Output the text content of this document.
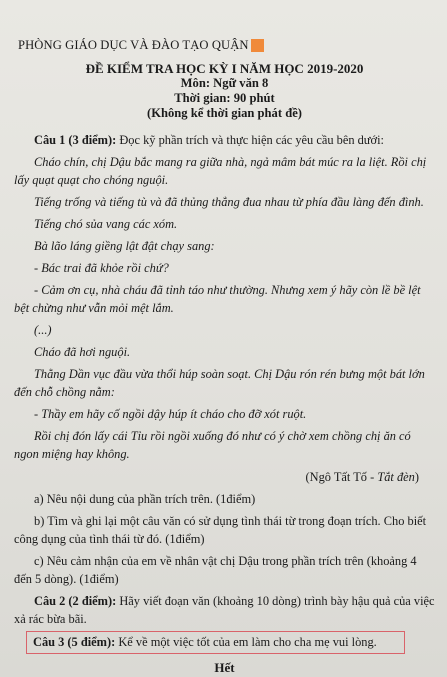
PHÒNG GIÁO DỤC VÀ ĐÀO TẠO QUẬN
ĐỀ KIỂM TRA HỌC KỲ I NĂM HỌC 2019-2020
Môn: Ngữ văn 8
Thời gian: 90 phút
(Không kể thời gian phát đề)

Câu 1 (3 điểm): Đọc kỹ phần trích và thực hiện các yêu cầu bên dưới:

Cháo chín, chị Dậu bắc mang ra giữa nhà, ngả mâm bát múc ra la liệt. Rồi chị lấy quạt quạt cho chóng nguội.

Tiếng trống và tiếng tù và đã thủng thẳng đua nhau từ phía đầu làng đến đình.

Tiếng chó sủa vang các xóm.

Bà lão láng giềng lật đật chạy sang:

- Bác trai đã khỏe rồi chứ?

- Cảm ơn cụ, nhà cháu đã tỉnh táo như thường. Nhưng xem ý hãy còn lề bề lệt bệt chừng như vẫn mỏi mệt lắm.

(...)

Cháo đã hơi nguội.

Thằng Dần vục đầu vừa thổi húp soàn soạt. Chị Dậu rón rén bưng một bát lớn đến chỗ chồng nằm:

- Thầy em hãy cố ngồi dậy húp ít cháo cho đỡ xót ruột.

Rồi chị đón lấy cái Tỉu rồi ngồi xuống đó như có ý chờ xem chồng chị ăn có ngon miệng hay không.

(Ngô Tất Tố - Tắt đèn)

a) Nêu nội dung của phần trích trên. (1điểm)

b) Tìm và ghi lại một câu văn có sử dụng tình thái từ trong đoạn trích. Cho biết công dụng của tình thái từ đó. (1điểm)

c) Nêu cảm nhận của em về nhân vật chị Dậu trong phần trích trên (khoảng 4 đến 5 dòng). (1điểm)

Câu 2 (2 điểm): Hãy viết đoạn văn (khoảng 10 dòng) trình bày hậu quả của việc xả rác bừa bãi.

Câu 3 (5 điểm): Kể về một việc tốt của em làm cho cha mẹ vui lòng.
Hết
